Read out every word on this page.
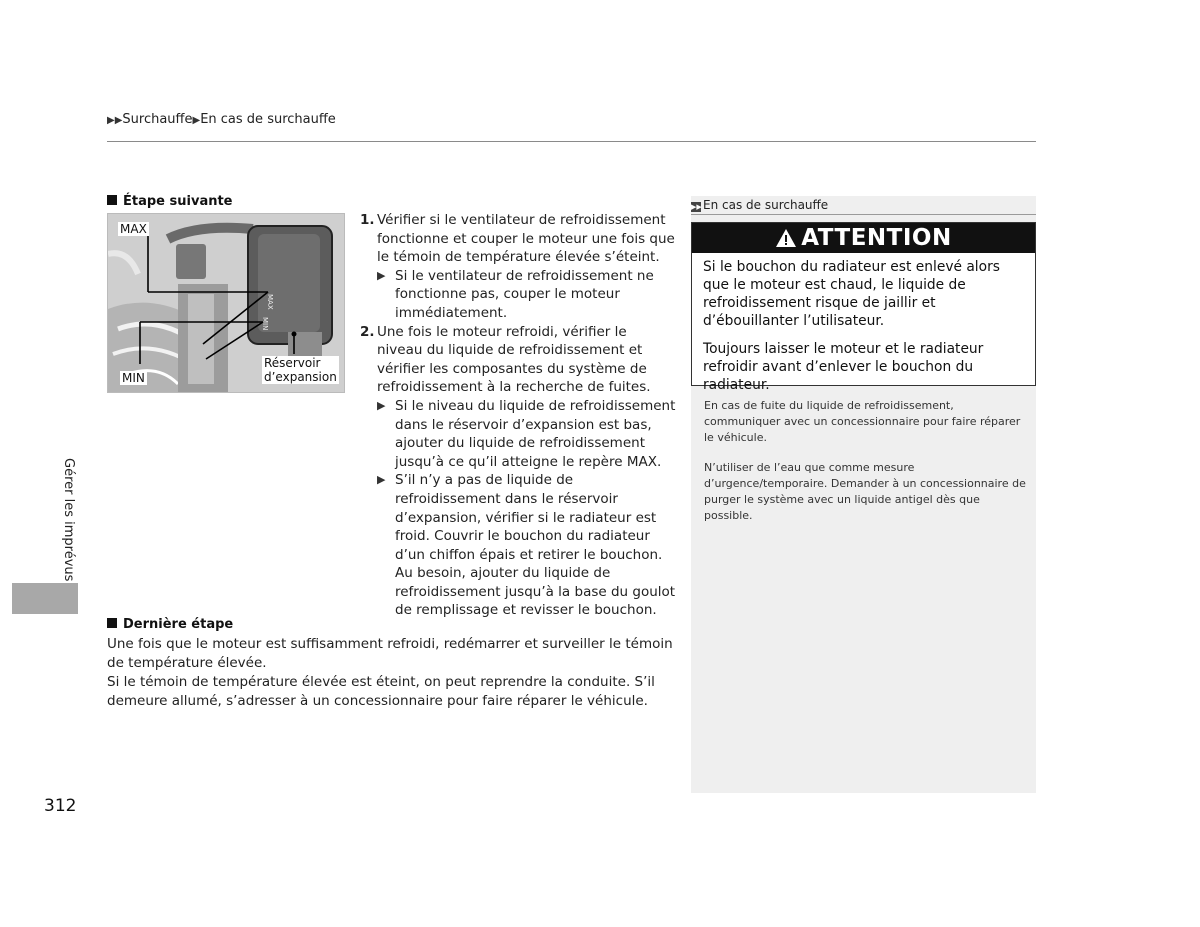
▶▶Surchauffe▶En cas de surchauffe
Étape suivante
MAX
MIN
MAX
MIN
Réservoir
d’expansion
1. Vérifier si le ventilateur de refroidissement fonctionne et couper le moteur une fois que le témoin de température élevée s’éteint.
▶ Si le ventilateur de refroidissement ne fonctionne pas, couper le moteur immédiatement.
2. Une fois le moteur refroidi, vérifier le niveau du liquide de refroidissement et vérifier les composantes du système de refroidissement à la recherche de fuites.
▶ Si le niveau du liquide de refroidissement dans le réservoir d’expansion est bas, ajouter du liquide de refroidissement jusqu’à ce qu’il atteigne le repère MAX.
▶ S’il n’y a pas de liquide de refroidissement dans le réservoir d’expansion, vérifier si le radiateur est froid. Couvrir le bouchon du radiateur d’un chiffon épais et retirer le bouchon. Au besoin, ajouter du liquide de refroidissement jusqu’à la base du goulot de remplissage et revisser le bouchon.
Dernière étape

Une fois que le moteur est suffisamment refroidi, redémarrer et surveiller le témoin de température élevée.

Si le témoin de température élevée est éteint, on peut reprendre la conduite. S’il demeure allumé, s’adresser à un concessionnaire pour faire réparer le véhicule.

▶▶En cas de surchauffe
ATTENTION

Si le bouchon du radiateur est enlevé alors que le moteur est chaud, le liquide de refroidissement risque de jaillir et d’ébouillanter l’utilisateur.

Toujours laisser le moteur et le radiateur refroidir avant d’enlever le bouchon du radiateur.

En cas de fuite du liquide de refroidissement, communiquer avec un concessionnaire pour faire réparer le véhicule.

N’utiliser de l’eau que comme mesure d’urgence/temporaire. Demander à un concessionnaire de purger le système avec un liquide antigel dès que possible.

Gérer les imprévus
312
